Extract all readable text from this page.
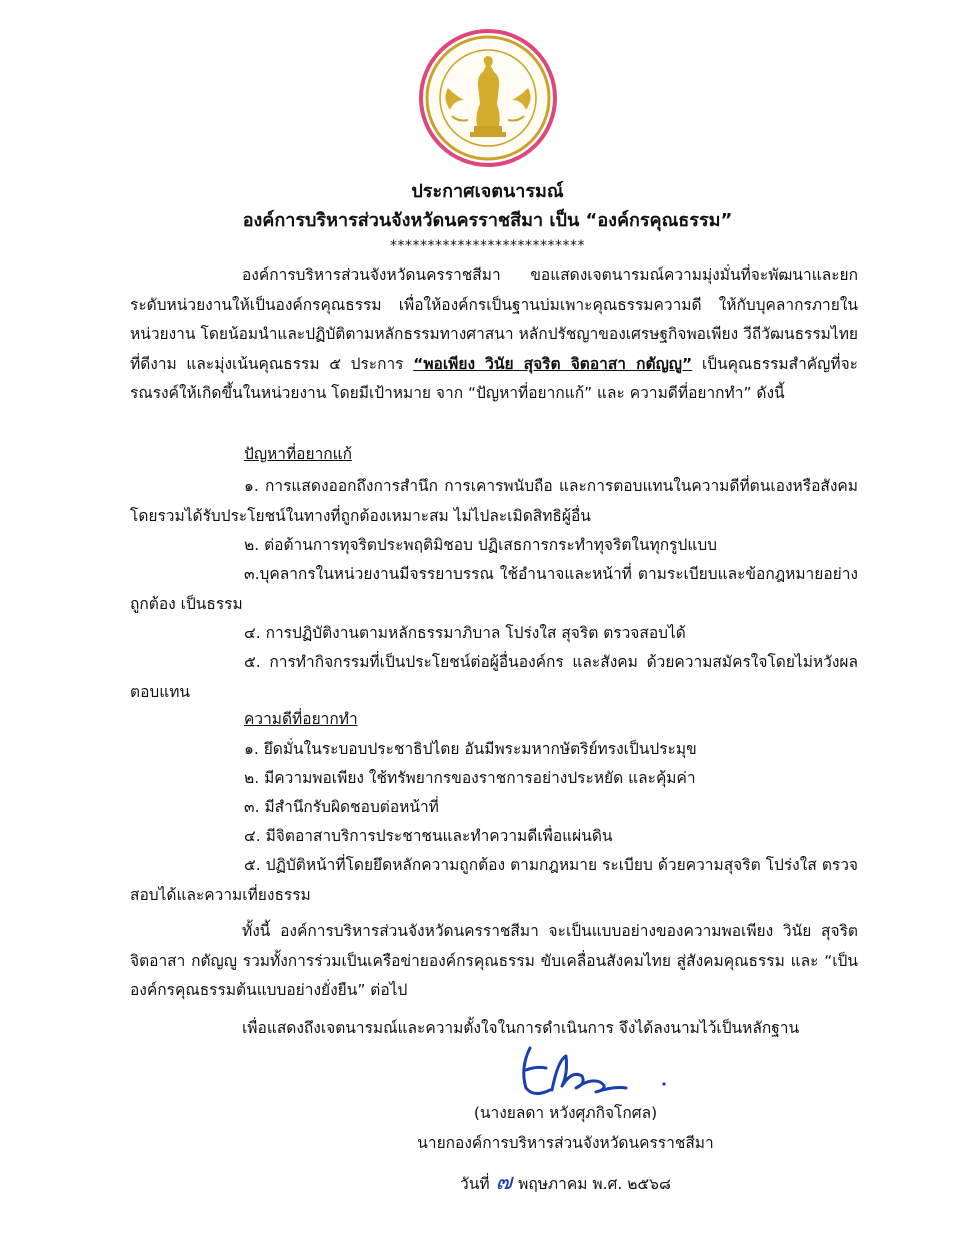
ประกาศเจตนารมณ์
องค์การบริหารส่วนจังหวัดนครราชสีมา เป็น “องค์กรคุณธรรม”
**************************
องค์การบริหารส่วนจังหวัดนครราชสีมา ขอแสดงเจตนารมณ์ความมุ่งมั่นที่จะพัฒนาและยกระดับหน่วยงานให้เป็นองค์กรคุณธรรม เพื่อให้องค์กรเป็นฐานบ่มเพาะคุณธรรมความดี ให้กับบุคลากรภายในหน่วยงาน โดยน้อมนำและปฏิบัติตามหลักธรรมทางศาสนา หลักปรัชญาของเศรษฐกิจพอเพียง วีถีวัฒนธรรมไทยที่ดีงาม และมุ่งเน้นคุณธรรม ๕ ประการ “พอเพียง วินัย สุจริต จิตอาสา กตัญญู” เป็นคุณธรรมสำคัญที่จะรณรงค์ให้เกิดขึ้นในหน่วยงาน โดยมีเป้าหมาย จาก “ปัญหาที่อยากแก้” และ ความดีที่อยากทำ” ดังนี้
ปัญหาที่อยากแก้
๑. การแสดงออกถึงการสำนึก การเคารพนับถือ และการตอบแทนในความดีที่ตนเองหรือสังคมโดยรวมได้รับประโยชน์ในทางที่ถูกต้องเหมาะสม ไม่ไปละเมิดสิทธิผู้อื่น
๒. ต่อต้านการทุจริตประพฤติมิชอบ ปฏิเสธการกระทำทุจริตในทุกรูปแบบ
๓.บุคลากรในหน่วยงานมีจรรยาบรรณ ใช้อำนาจและหน้าที่ ตามระเบียบและข้อกฎหมายอย่างถูกต้อง เป็นธรรม
๔. การปฏิบัติงานตามหลักธรรมาภิบาล โปร่งใส สุจริต ตรวจสอบได้
๕. การทำกิจกรรมที่เป็นประโยชน์ต่อผู้อื่นองค์กร และสังคม ด้วยความสมัครใจโดยไม่หวังผลตอบแทน
ความดีที่อยากทำ
๑. ยึดมั่นในระบอบประชาธิปไตย อันมีพระมหากษัตริย์ทรงเป็นประมุข
๒. มีความพอเพียง ใช้ทรัพยากรของราชการอย่างประหยัด และคุ้มค่า
๓. มีสำนึกรับผิดชอบต่อหน้าที่
๔. มีจิตอาสาบริการประชาชนและทำความดีเพื่อแผ่นดิน
๕. ปฏิบัติหน้าที่โดยยึดหลักความถูกต้อง ตามกฎหมาย ระเบียบ ด้วยความสุจริต โปร่งใส ตรวจสอบได้และความเที่ยงธรรม
ทั้งนี้ องค์การบริหารส่วนจังหวัดนครราชสีมา จะเป็นแบบอย่างของความพอเพียง วินัย สุจริต จิตอาสา กตัญญู รวมทั้งการร่วมเป็นเครือข่ายองค์กรคุณธรรม ขับเคลื่อนสังคมไทย สู่สังคมคุณธรรม และ “เป็นองค์กรคุณธรรมต้นแบบอย่างยั่งยืน” ต่อไป
เพื่อแสดงถึงเจตนารมณ์และความตั้งใจในการดำเนินการ จึงได้ลงนามไว้เป็นหลักฐาน
(นางยลดา หวังศุภกิจโกศล)
นายกองค์การบริหารส่วนจังหวัดนครราชสีมา
วันที่ ๗ พฤษภาคม พ.ศ. ๒๕๖๘
